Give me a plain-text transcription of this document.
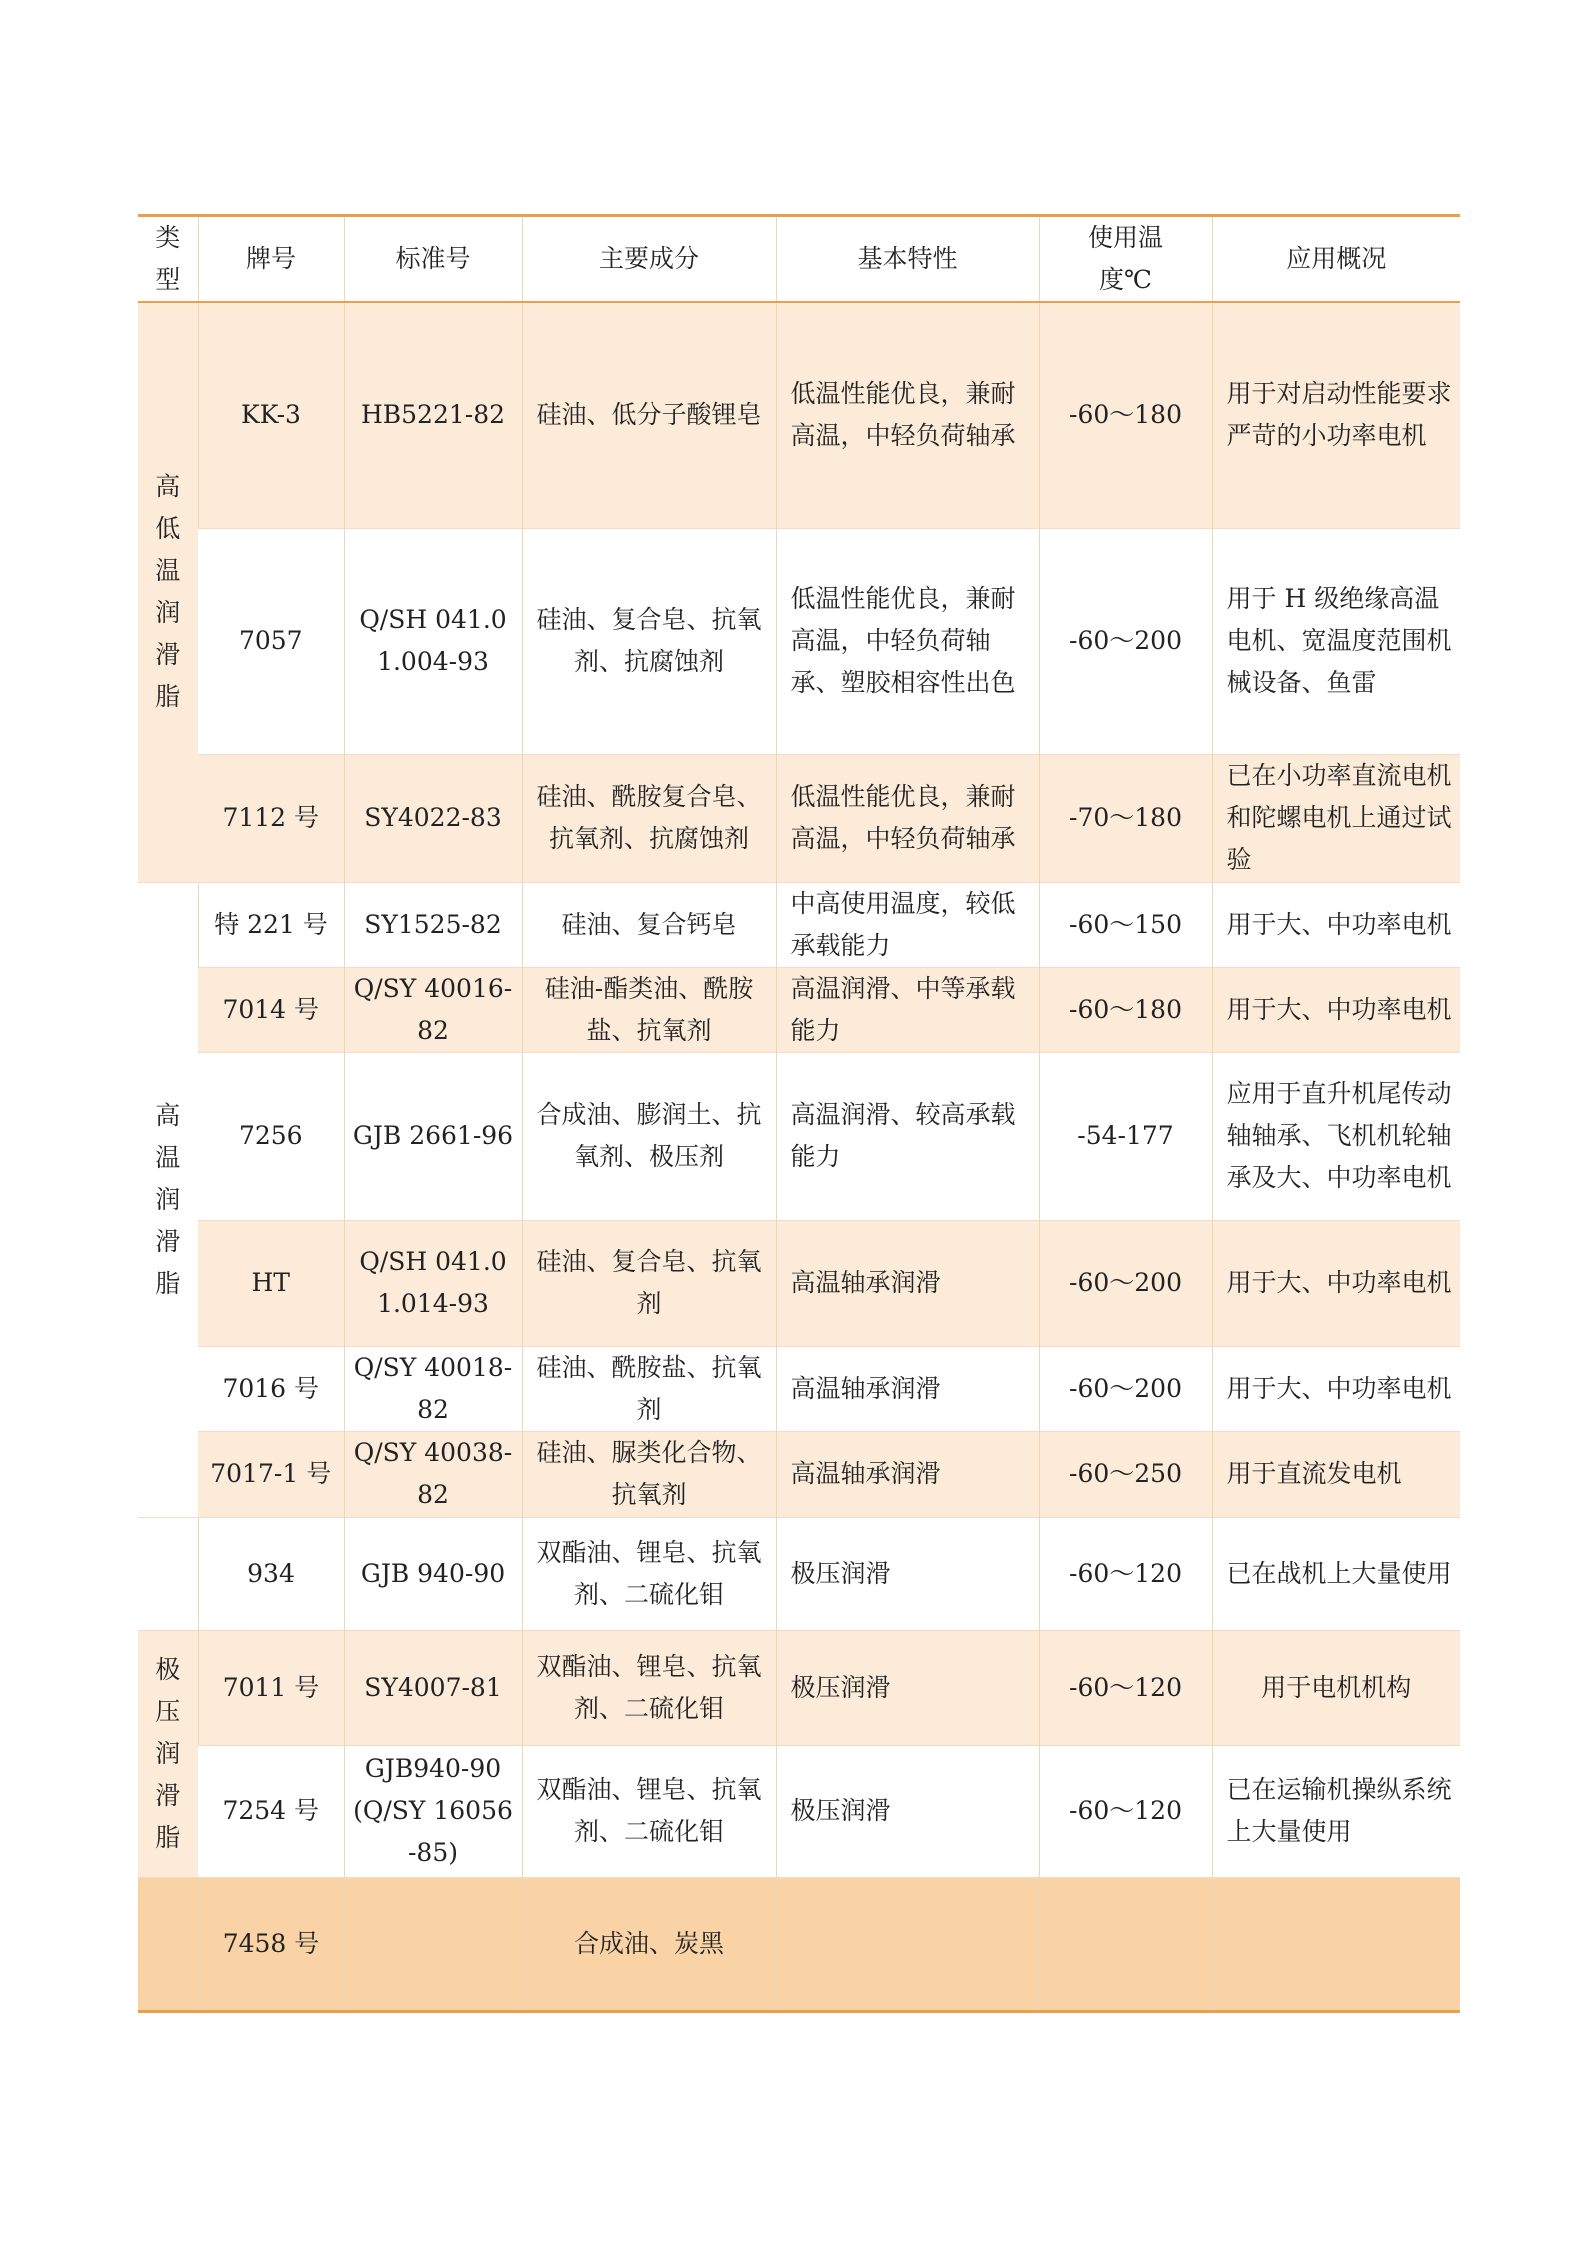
类型	牌号	标准号	主要成分	基本特性	使用温度℃	应用概况
高低温润滑脂	KK-3	HB5221-82	硅油、低分子酸锂皂	低温性能优良，兼耐高温，中轻负荷轴承	-60～180	用于对启动性能要求严苛的小功率电机
	7057	Q/SH 041.01.004-93	硅油、复合皂、抗氧剂、抗腐蚀剂	低温性能优良，兼耐高温，中轻负荷轴承、塑胶相容性出色	-60～200	用于 H 级绝缘高温电机、宽温度范围机械设备、鱼雷
	7112 号	SY4022-83	硅油、酰胺复合皂、抗氧剂、抗腐蚀剂	低温性能优良，兼耐高温，中轻负荷轴承	-70～180	已在小功率直流电机和陀螺电机上通过试验
高温润滑脂	特 221 号	SY1525-82	硅油、复合钙皂	中高使用温度，较低承载能力	-60～150	用于大、中功率电机
	7014 号	Q/SY 40016-82	硅油-酯类油、酰胺盐、抗氧剂	高温润滑、中等承载能力	-60～180	用于大、中功率电机
	7256	GJB 2661-96	合成油、膨润土、抗氧剂、极压剂	高温润滑、较高承载能力	-54-177	应用于直升机尾传动轴轴承、飞机机轮轴承及大、中功率电机
	HT	Q/SH 041.01.014-93	硅油、复合皂、抗氧剂	高温轴承润滑	-60～200	用于大、中功率电机
	7016 号	Q/SY 40018-82	硅油、酰胺盐、抗氧剂	高温轴承润滑	-60～200	用于大、中功率电机
	7017-1 号	Q/SY 40038-82	硅油、脲类化合物、抗氧剂	高温轴承润滑	-60～250	用于直流发电机
	934	GJB 940-90	双酯油、锂皂、抗氧剂、二硫化钼	极压润滑	-60～120	已在战机上大量使用
极压润滑脂	7011 号	SY4007-81	双酯油、锂皂、抗氧剂、二硫化钼	极压润滑	-60～120	用于电机机构
	7254 号	GJB940-90(Q/SY 16056-85)	双酯油、锂皂、抗氧剂、二硫化钼	极压润滑	-60～120	已在运输机操纵系统上大量使用
	7458 号		合成油、炭黑			
